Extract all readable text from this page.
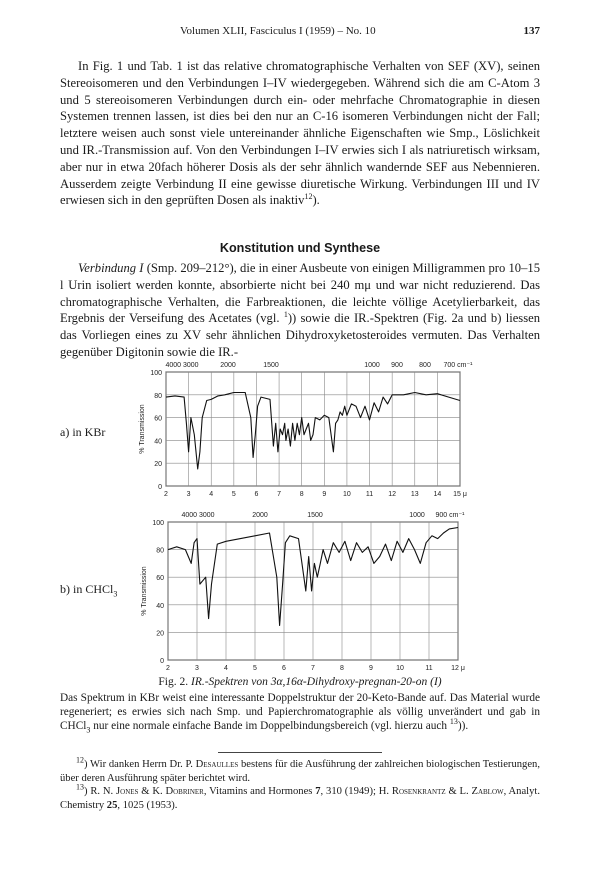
Volumen XLII, Fasciculus I (1959) – No. 10	137

In Fig. 1 und Tab. 1 ist das relative chromatographische Verhalten von SEF (XV), seinen Stereoisomeren und den Verbindungen I–IV wiedergegeben. Während sich die am C-Atom 3 und 5 stereoisomeren Verbindungen durch ein- oder mehrfache Chromatographie in diesen Systemen trennen lassen, ist dies bei den nur an C-16 isomeren Verbindungen nicht der Fall; letztere weisen auch sonst viele untereinander ähnliche Eigenschaften wie Smp., Löslichkeit und IR.-Transmission auf. Von den Verbindungen I–IV erwies sich I als natriuretisch wirksam, aber nur in etwa 20fach höherer Dosis als der sehr ähnlich wandernde SEF aus Nebennieren. Ausserdem zeigte Verbindung II eine gewisse diuretische Wirkung. Verbindungen III und IV erwiesen sich in den geprüften Dosen als inaktiv$^{12}$).

Konstitution und Synthese

Verbindung I (Smp. 209–212°), die in einer Ausbeute von einigen Milligrammen pro 10–15 l Urin isoliert werden konnte, absorbierte nicht bei 240 mμ und war nicht reduzierend. Das chromatographische Verhalten, die Farbreaktionen, die leichte völlige Acetylierbarkeit, das Ergebnis der Verseifung des Acetates (vgl. $^1$)) sowie die IR.-Spektren (Fig. 2a und b) liessen das Vorliegen eines zu XV sehr ähnlichen Dihydroxyketosteroides vermuten. Das Verhalten gegenüber Digitonin sowie die IR.-

a) in KBr
100
80
60
40
20
0
2	3	4	5	6	7	8	9 10 11 12 13 14 15 μ
4000 3000	2000	1500	1000 900 800 700 cm⁻¹
% Transmission
b) in CHCl$_3$
100
80
60
40
20
0
2	3	4	5	6	7	8	9	10	11	12 μ
4000 3000	2000	1500	1000 900 cm⁻¹
% Transmission
Fig. 2. IR.-Spektren von 3α,16α-Dihydroxy-pregnan-20-on (I)

Das Spektrum in KBr weist eine interessante Doppelstruktur der 20-Keto-Bande auf. Das Material wurde regeneriert; es erwies sich nach Smp. und Papierchromatographie als völlig unverändert und gab in CHCl$_3$ nur eine normale einfache Bande im Doppelbindungsbereich (vgl. hierzu auch $^{13}$)).

$^{12}$) Wir danken Herrn Dr. P. Desaulles bestens für die Ausführung der zahlreichen biologischen Testierungen, über deren Ausführung später berichtet wird.

$^{13}$) R. N. Jones & K. Dobriner, Vitamins and Hormones 7, 310 (1949); H. Rosenkrantz & L. Zablow, Analyt. Chemistry 25, 1025 (1953).
